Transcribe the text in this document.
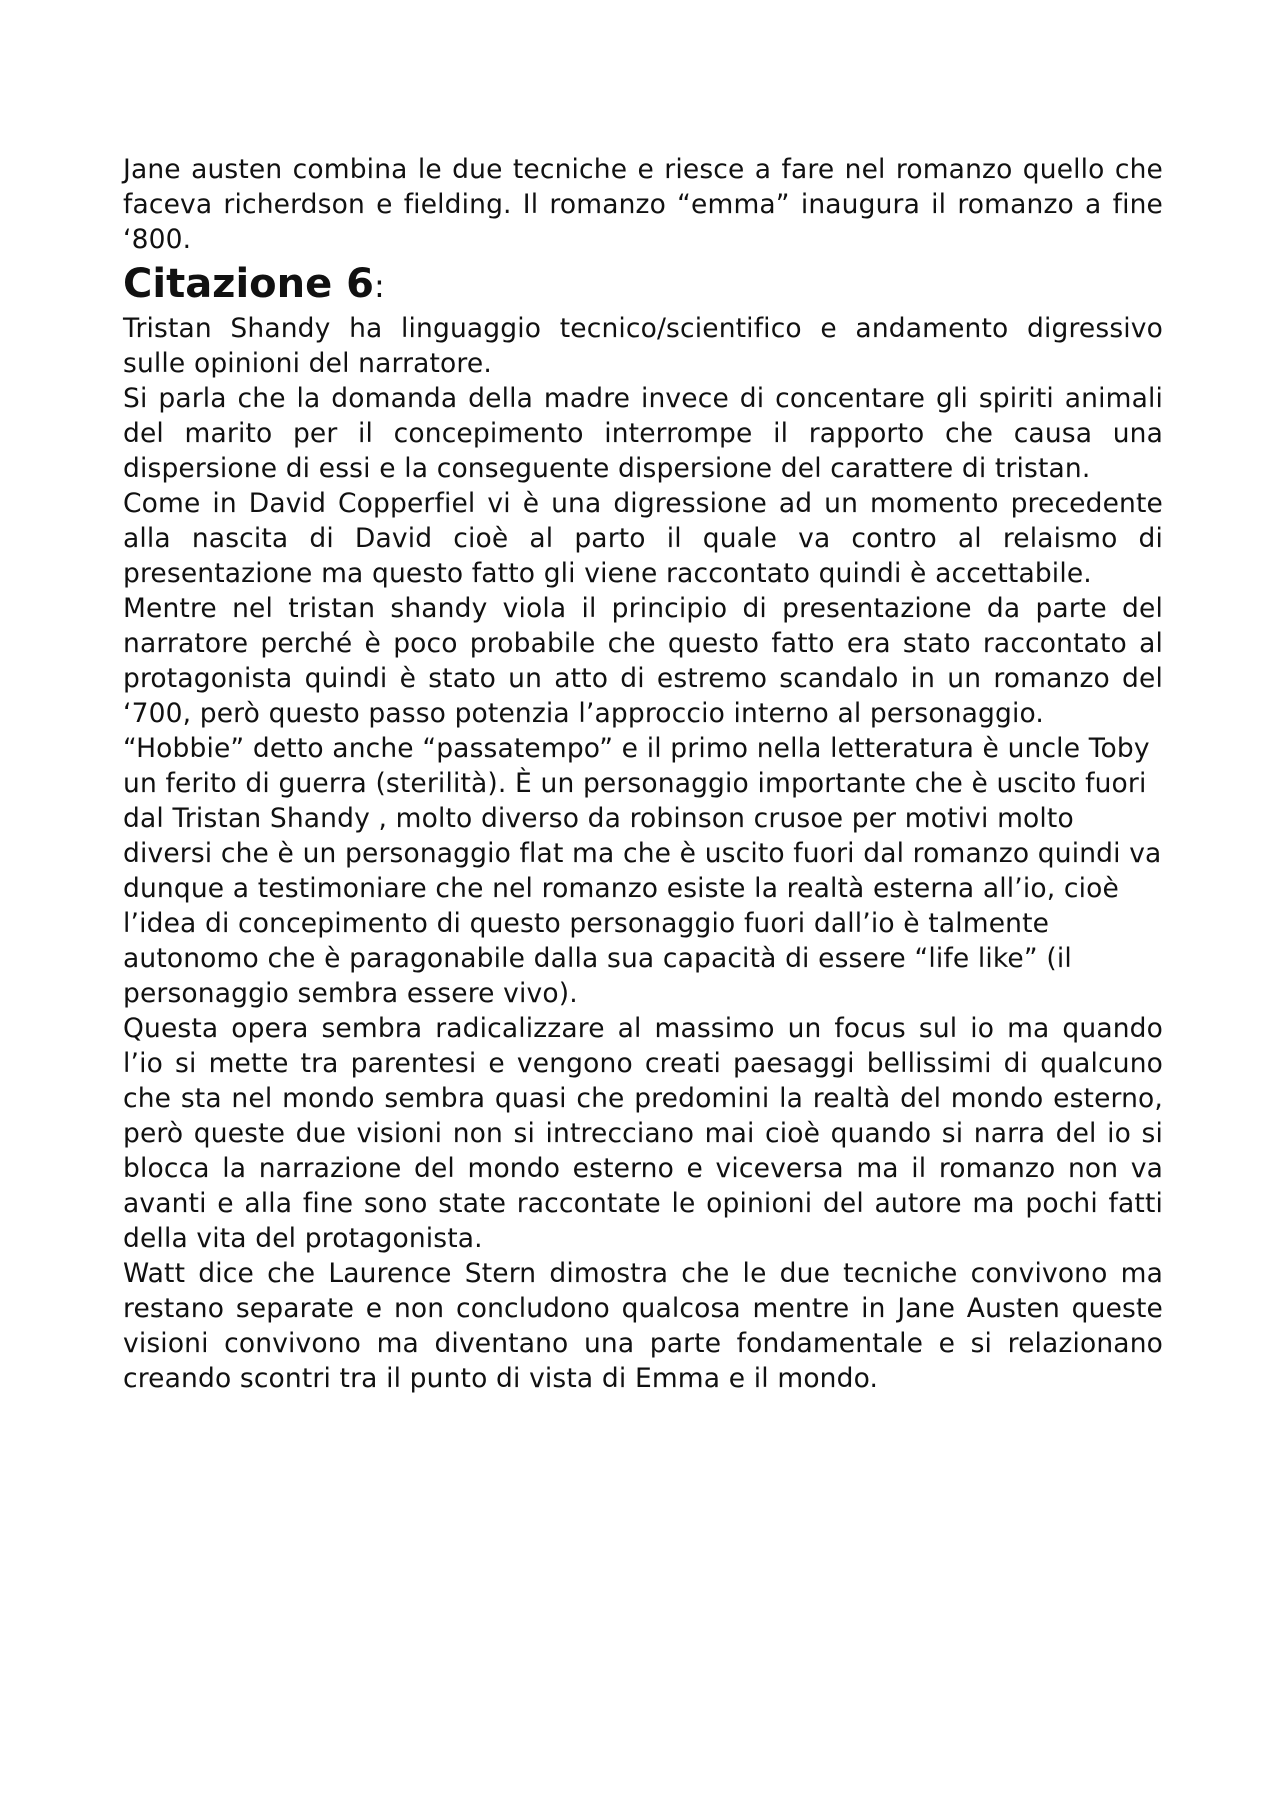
Jane austen combina le due tecniche e riesce a fare nel romanzo quello che faceva richerdson e fielding. Il romanzo “emma” inaugura il romanzo a fine ‘800.

Citazione 6:

Tristan Shandy ha linguaggio tecnico/scientifico e andamento digressivo sulle opinioni del narratore.

Si parla che la domanda della madre invece di concentare gli spiriti animali del marito per il concepimento interrompe il rapporto che causa una dispersione di essi e la conseguente dispersione del carattere di tristan.

Come in David Copperfiel vi è una digressione ad un momento precedente alla nascita di David cioè al parto il quale va contro al relaismo di presentazione ma questo fatto gli viene raccontato quindi è accettabile.

Mentre nel tristan shandy viola il principio di presentazione da parte del narratore perché è poco probabile che questo fatto era stato raccontato al protagonista quindi è stato un atto di estremo scandalo in un romanzo del ‘700, però questo passo potenzia l’approccio interno al personaggio.

“Hobbie” detto anche “passatempo” e il primo nella letteratura è uncle Toby un ferito di guerra (sterilità). È un personaggio importante che è uscito fuori dal Tristan Shandy , molto diverso da robinson crusoe per motivi molto diversi che è un personaggio flat ma che è uscito fuori dal romanzo quindi va dunque a testimoniare che nel romanzo esiste la realtà esterna all’io, cioè l’idea di concepimento di questo personaggio fuori dall’io è talmente autonomo che è paragonabile dalla sua capacità di essere “life like” (il personaggio sembra essere vivo).

Questa opera sembra radicalizzare al massimo un focus sul io ma quando l’io si mette tra parentesi e vengono creati paesaggi bellissimi di qualcuno che sta nel mondo sembra quasi che predomini la realtà del mondo esterno, però queste due visioni non si intrecciano mai cioè quando si narra del io si blocca la narrazione del mondo esterno e viceversa ma il romanzo non va avanti e alla fine sono state raccontate le opinioni del autore ma pochi fatti della vita del protagonista.

Watt dice che Laurence Stern dimostra che le due tecniche convivono ma restano separate e non concludono qualcosa mentre in Jane Austen queste visioni convivono ma diventano una parte fondamentale e si relazionano creando scontri tra il punto di vista di Emma e il mondo.
